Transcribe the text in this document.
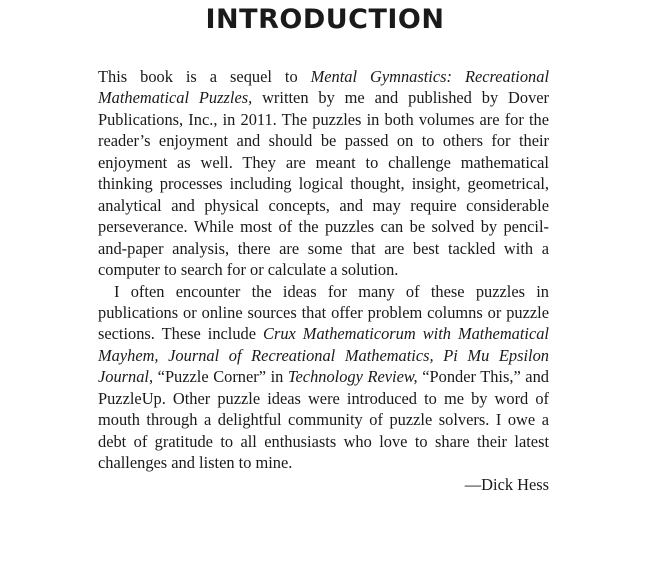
INTRODUCTION

This book is a sequel to Mental Gymnastics: Recreational Mathematical Puzzles, written by me and published by Dover Publications, Inc., in 2011. The puzzles in both volumes are for the reader’s enjoyment and should be passed on to others for their enjoyment as well. They are meant to challenge mathematical thinking processes including logical thought, insight, geometrical, analytical and physical concepts, and may require considerable perseverance. While most of the puzzles can be solved by pencil-and-paper analysis, there are some that are best tackled with a computer to search for or calculate a solution.

I often encounter the ideas for many of these puzzles in publications or online sources that offer problem columns or puzzle sections. These include Crux Mathematicorum with Mathematical Mayhem, Journal of Recreational Mathematics, Pi Mu Epsilon Journal, “Puzzle Corner” in Technology Review, “Ponder This,” and PuzzleUp. Other puzzle ideas were introduced to me by word of mouth through a delightful community of puzzle solvers. I owe a debt of gratitude to all enthusiasts who love to share their latest challenges and listen to mine.

—Dick Hess
